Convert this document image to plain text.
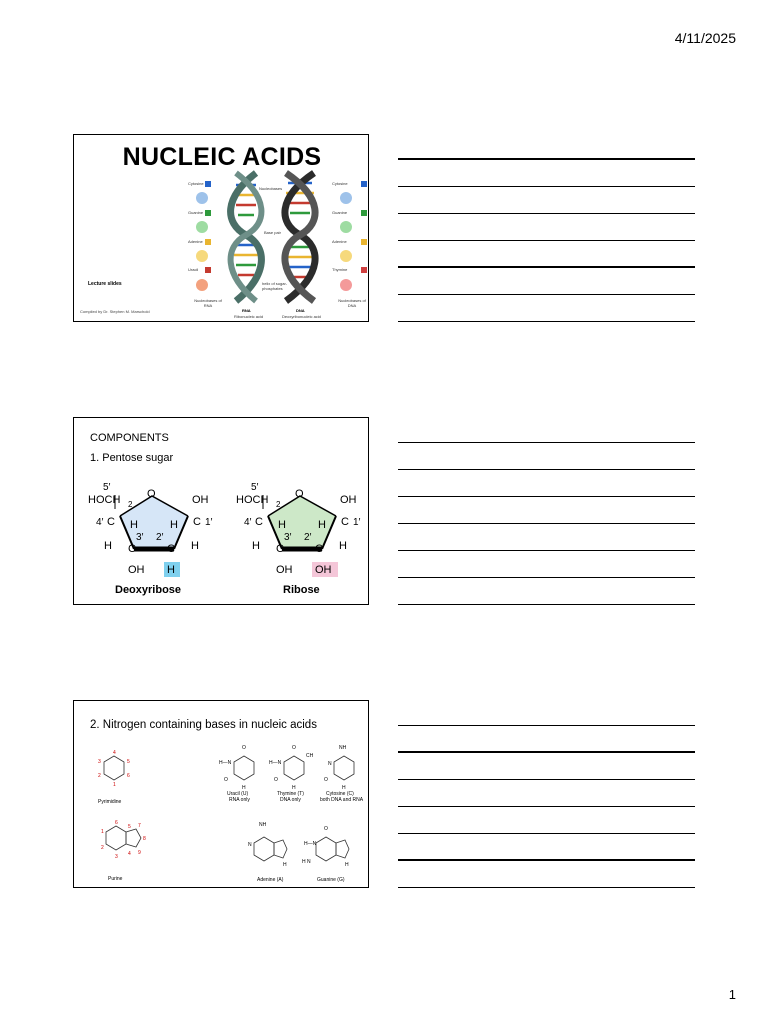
4/11/2025
NUCLEIC ACIDS
Cytosine
Guanine
Adenine
Uracil
Cytosine
Guanine
Adenine
Thymine
Nucleobases
Base pair
helix of sugar-phosphates
Nucleobases of RNA
Nucleobases of DNA
RNA
Ribonucleic acid
DNA
Deoxyribonucleic acid
Lecture slides
Compiled by Dr. Stephen M. Marschold
COMPONENTS
1. Pentose sugar
5′
HOCH 2
O	OH
4′ C H	H C 1′
3′ 2′
H C	C H
OH H
Deoxyribose
5′
HOCH 2
O	OH
4′ C H	H C 1′
3′ 2′
H C	C H
OH OH
Ribose
2. Nitrogen containing bases in nucleic acids
4
5
6
1
2
3
Pyrimidine
6
1
2
3 4
5 7
8
9
Purine
O
H—N
O
H
Uracil (U)
RNA only
O
CH
H—N
O
H
Thymine (T)
DNA only
NH
N
O
H
Cytosine (C)
both DNA and RNA
NH
N
H
Adenine (A)
O
H—N
H N	H
Guanine (G)
1
